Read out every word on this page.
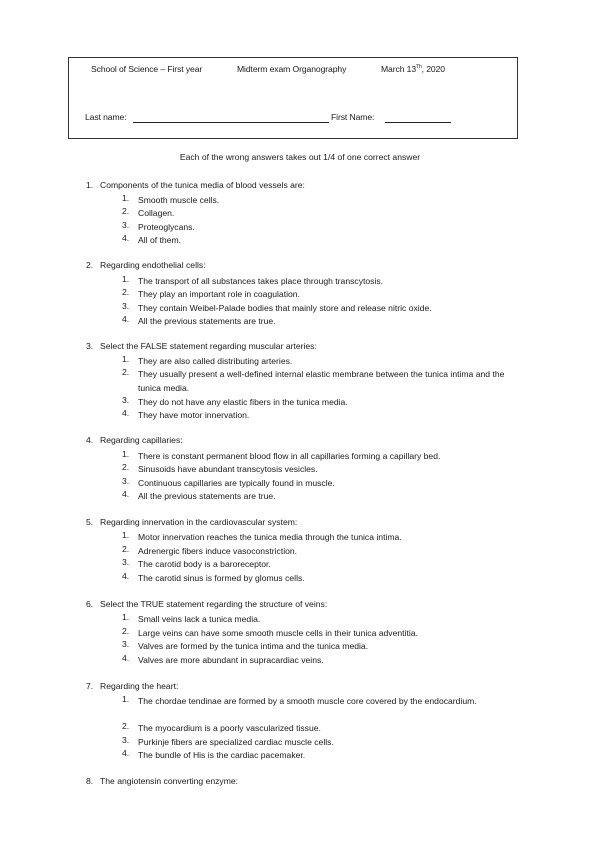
School of Science – First year	Midterm exam Organography	March 13Th, 2020
Last name:	First Name:
Each of the wrong answers takes out 1/4 of one correct answer
1. Components of the tunica media of blood vessels are:
1. Smooth muscle cells.
2. Collagen.
3. Proteoglycans.
4. All of them.
2. Regarding endothelial cells:
1. The transport of all substances takes place through transcytosis.
2. They play an important role in coagulation.
3. They contain Weibel-Palade bodies that mainly store and release nitric oxide.
4. All the previous statements are true.
3. Select the FALSE statement regarding muscular arteries:
1. They are also called distributing arteries.
2. They usually present a well-defined internal elastic membrane between the tunica intima and the tunica media.
3. They do not have any elastic fibers in the tunica media.
4. They have motor innervation.
4. Regarding capillaries:
1. There is constant permanent blood flow in all capillaries forming a capillary bed.
2. Sinusoids have abundant transcytosis vesicles.
3. Continuous capillaries are typically found in muscle.
4. All the previous statements are true.
5. Regarding innervation in the cardiovascular system:
1. Motor innervation reaches the tunica media through the tunica intima.
2. Adrenergic fibers induce vasoconstriction.
3. The carotid body is a baroreceptor.
4. The carotid sinus is formed by glomus cells.
6. Select the TRUE statement regarding the structure of veins:
1. Small veins lack a tunica media.
2. Large veins can have some smooth muscle cells in their tunica adventitia.
3. Valves are formed by the tunica intima and the tunica media.
4. Valves are more abundant in supracardiac veins.
7. Regarding the heart:
1. The chordae tendinae are formed by a smooth muscle core covered by the endocardium.
2. The myocardium is a poorly vascularized tissue.
3. Purkinje fibers are specialized cardiac muscle cells.
4. The bundle of His is the cardiac pacemaker.
8. The angiotensin converting enzyme:
